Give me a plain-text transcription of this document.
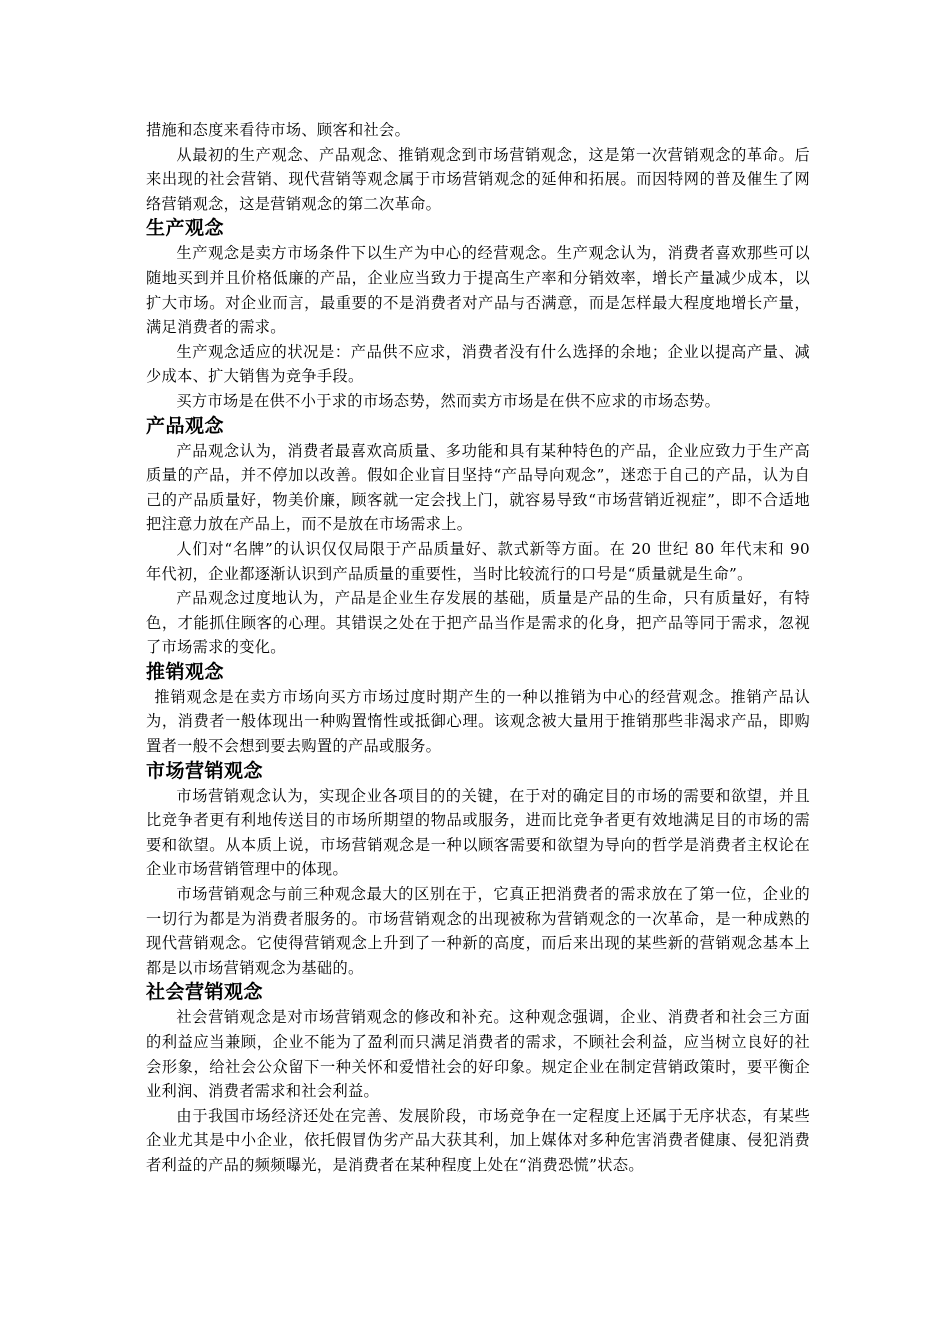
措施和态度来看待市场、顾客和社会。

从最初的生产观念、产品观念、推销观念到市场营销观念，这是第一次营销观念的革命。后来出现的社会营销、现代营销等观念属于市场营销观念的延伸和拓展。而因特网的普及催生了网络营销观念，这是营销观念的第二次革命。

生产观念

生产观念是卖方市场条件下以生产为中心的经营观念。生产观念认为，消费者喜欢那些可以随地买到并且价格低廉的产品，企业应当致力于提高生产率和分销效率，增长产量减少成本，以扩大市场。对企业而言，最重要的不是消费者对产品与否满意，而是怎样最大程度地增长产量，满足消费者的需求。

生产观念适应的状况是：产品供不应求，消费者没有什么选择的余地；企业以提高产量、减少成本、扩大销售为竞争手段。

买方市场是在供不小于求的市场态势，然而卖方市场是在供不应求的市场态势。

产品观念

产品观念认为，消费者最喜欢高质量、多功能和具有某种特色的产品，企业应致力于生产高质量的产品，并不停加以改善。假如企业盲目坚持“产品导向观念”，迷恋于自己的产品，认为自己的产品质量好，物美价廉，顾客就一定会找上门，就容易导致“市场营销近视症”，即不合适地把注意力放在产品上，而不是放在市场需求上。

人们对“名牌”的认识仅仅局限于产品质量好、款式新等方面。在 20 世纪 80 年代末和 90 年代初，企业都逐渐认识到产品质量的重要性，当时比较流行的口号是“质量就是生命”。

产品观念过度地认为，产品是企业生存发展的基础，质量是产品的生命，只有质量好，有特色，才能抓住顾客的心理。其错误之处在于把产品当作是需求的化身，把产品等同于需求，忽视了市场需求的变化。

推销观念

推销观念是在卖方市场向买方市场过度时期产生的一种以推销为中心的经营观念。推销产品认为，消费者一般体现出一种购置惰性或抵御心理。该观念被大量用于推销那些非渴求产品，即购置者一般不会想到要去购置的产品或服务。

市场营销观念

市场营销观念认为，实现企业各项目的的关键，在于对的确定目的市场的需要和欲望，并且比竞争者更有利地传送目的市场所期望的物品或服务，进而比竞争者更有效地满足目的市场的需要和欲望。从本质上说，市场营销观念是一种以顾客需要和欲望为导向的哲学是消费者主权论在企业市场营销管理中的体现。

市场营销观念与前三种观念最大的区别在于，它真正把消费者的需求放在了第一位，企业的一切行为都是为消费者服务的。市场营销观念的出现被称为营销观念的一次革命，是一种成熟的现代营销观念。它使得营销观念上升到了一种新的高度，而后来出现的某些新的营销观念基本上都是以市场营销观念为基础的。

社会营销观念

社会营销观念是对市场营销观念的修改和补充。这种观念强调，企业、消费者和社会三方面的利益应当兼顾，企业不能为了盈利而只满足消费者的需求，不顾社会利益，应当树立良好的社会形象，给社会公众留下一种关怀和爱惜社会的好印象。规定企业在制定营销政策时，要平衡企业利润、消费者需求和社会利益。

由于我国市场经济还处在完善、发展阶段，市场竞争在一定程度上还属于无序状态，有某些企业尤其是中小企业，依托假冒伪劣产品大获其利，加上媒体对多种危害消费者健康、侵犯消费者利益的产品的频频曝光，是消费者在某种程度上处在“消费恐慌”状态。
